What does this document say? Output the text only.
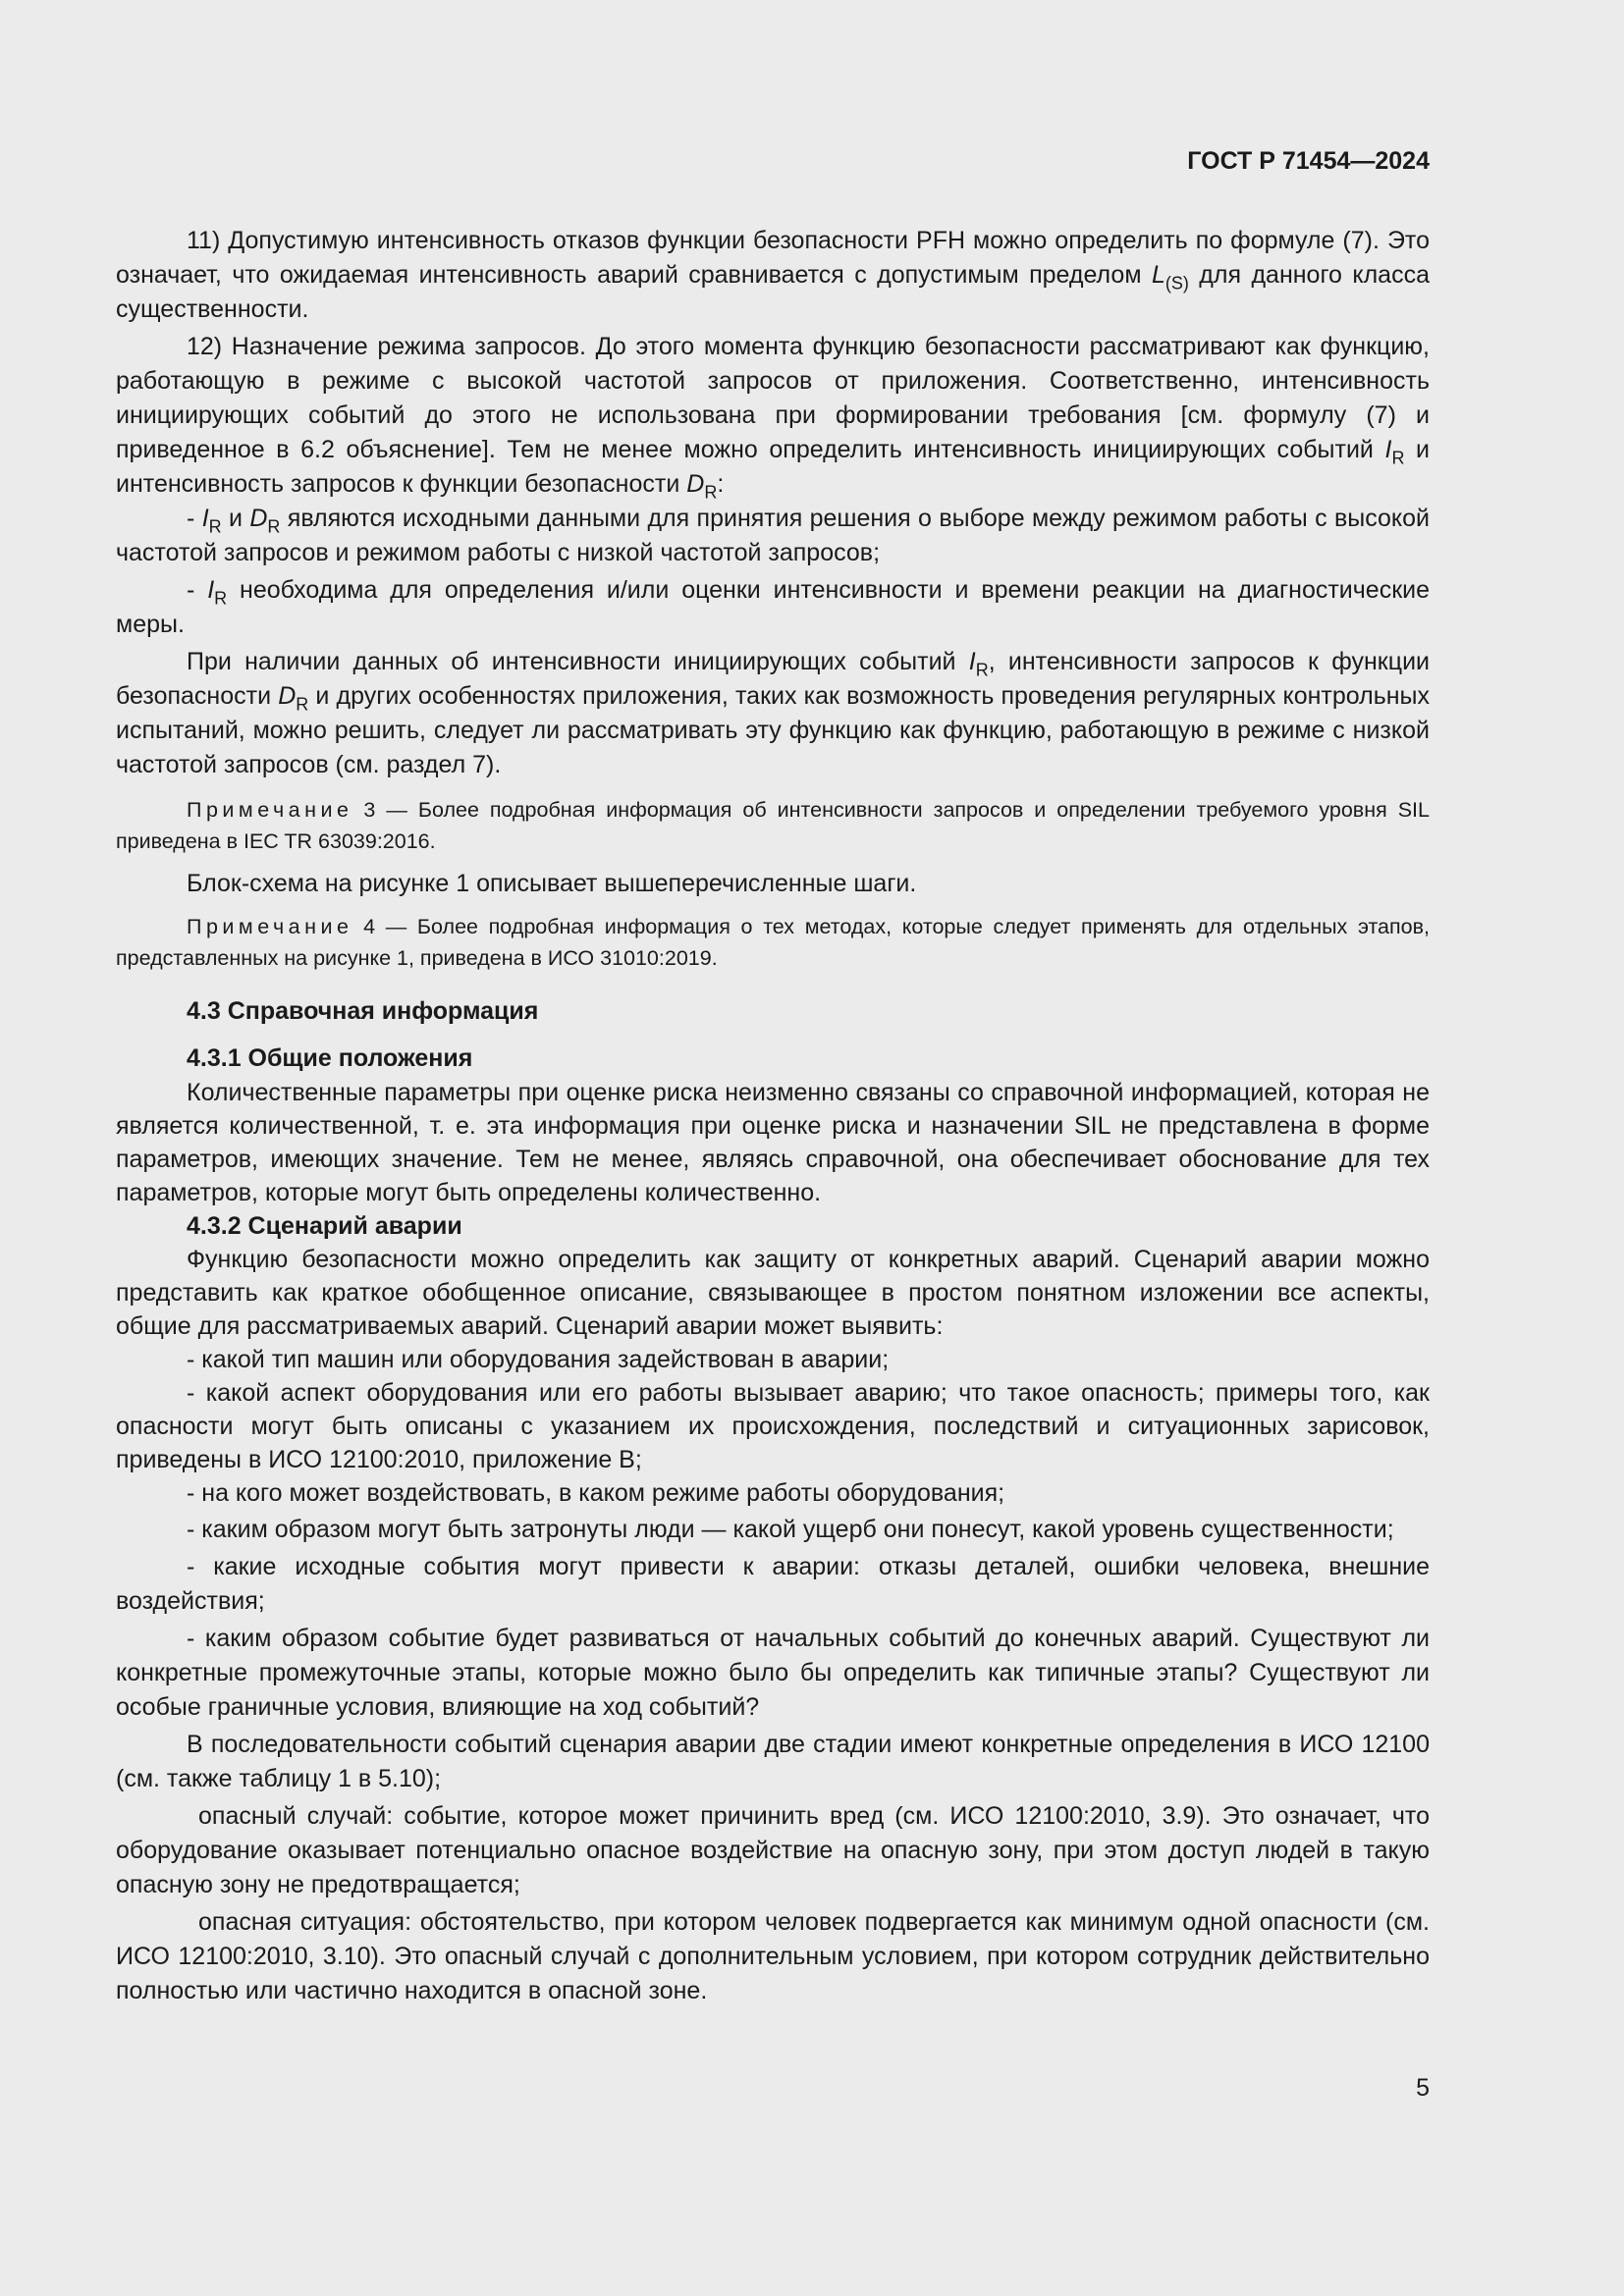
ГОСТ Р 71454—2024

11) Допустимую интенсивность отказов функции безопасности PFH можно определить по формуле (7). Это означает, что ожидаемая интенсивность аварий сравнивается с допустимым пределом $L_{(S)}$ для данного класса существенности.

12) Назначение режима запросов. До этого момента функцию безопасности рассматривают как функцию, работающую в режиме с высокой частотой запросов от приложения. Соответственно, интенсивность инициирующих событий до этого не использована при формировании требования [см. формулу (7) и приведенное в 6.2 объяснение]. Тем не менее можно определить интенсивность инициирующих событий $I_R$ и интенсивность запросов к функции безопасности $D_R$:

- $I_R$ и $D_R$ являются исходными данными для принятия решения о выборе между режимом работы с высокой частотой запросов и режимом работы с низкой частотой запросов;

- $I_R$ необходима для определения и/или оценки интенсивности и времени реакции на диагностические меры.

При наличии данных об интенсивности инициирующих событий $I_R$, интенсивности запросов к функции безопасности $D_R$ и других особенностях приложения, таких как возможность проведения регулярных контрольных испытаний, можно решить, следует ли рассматривать эту функцию как функцию, работающую в режиме с низкой частотой запросов (см. раздел 7).

Примечание 3 — Более подробная информация об интенсивности запросов и определении требуемого уровня SIL приведена в IEC TR 63039:2016.

Блок-схема на рисунке 1 описывает вышеперечисленные шаги.

Примечание 4 — Более подробная информация о тех методах, которые следует применять для отдельных этапов, представленных на рисунке 1, приведена в ИСО 31010:2019.

4.3 Справочная информация

4.3.1 Общие положения

Количественные параметры при оценке риска неизменно связаны со справочной информацией, которая не является количественной, т. е. эта информация при оценке риска и назначении SIL не представлена в форме параметров, имеющих значение. Тем не менее, являясь справочной, она обеспечивает обоснование для тех параметров, которые могут быть определены количественно.

4.3.2 Сценарий аварии

Функцию безопасности можно определить как защиту от конкретных аварий. Сценарий аварии можно представить как краткое обобщенное описание, связывающее в простом понятном изложении все аспекты, общие для рассматриваемых аварий. Сценарий аварии может выявить:

- какой тип машин или оборудования задействован в аварии;

- какой аспект оборудования или его работы вызывает аварию; что такое опасность; примеры того, как опасности могут быть описаны с указанием их происхождения, последствий и ситуационных зарисовок, приведены в ИСО 12100:2010, приложение B;

- на кого может воздействовать, в каком режиме работы оборудования;

- каким образом могут быть затронуты люди — какой ущерб они понесут, какой уровень существенности;

- какие исходные события могут привести к аварии: отказы деталей, ошибки человека, внешние воздействия;

- каким образом событие будет развиваться от начальных событий до конечных аварий. Существуют ли конкретные промежуточные этапы, которые можно было бы определить как типичные этапы? Существуют ли особые граничные условия, влияющие на ход событий?

В последовательности событий сценария аварии две стадии имеют конкретные определения в ИСО 12100 (см. также таблицу 1 в 5.10);

опасный случай: событие, которое может причинить вред (см. ИСО 12100:2010, 3.9). Это означает, что оборудование оказывает потенциально опасное воздействие на опасную зону, при этом доступ людей в такую опасную зону не предотвращается;

опасная ситуация: обстоятельство, при котором человек подвергается как минимум одной опасности (см. ИСО 12100:2010, 3.10). Это опасный случай с дополнительным условием, при котором сотрудник действительно полностью или частично находится в опасной зоне.

5
